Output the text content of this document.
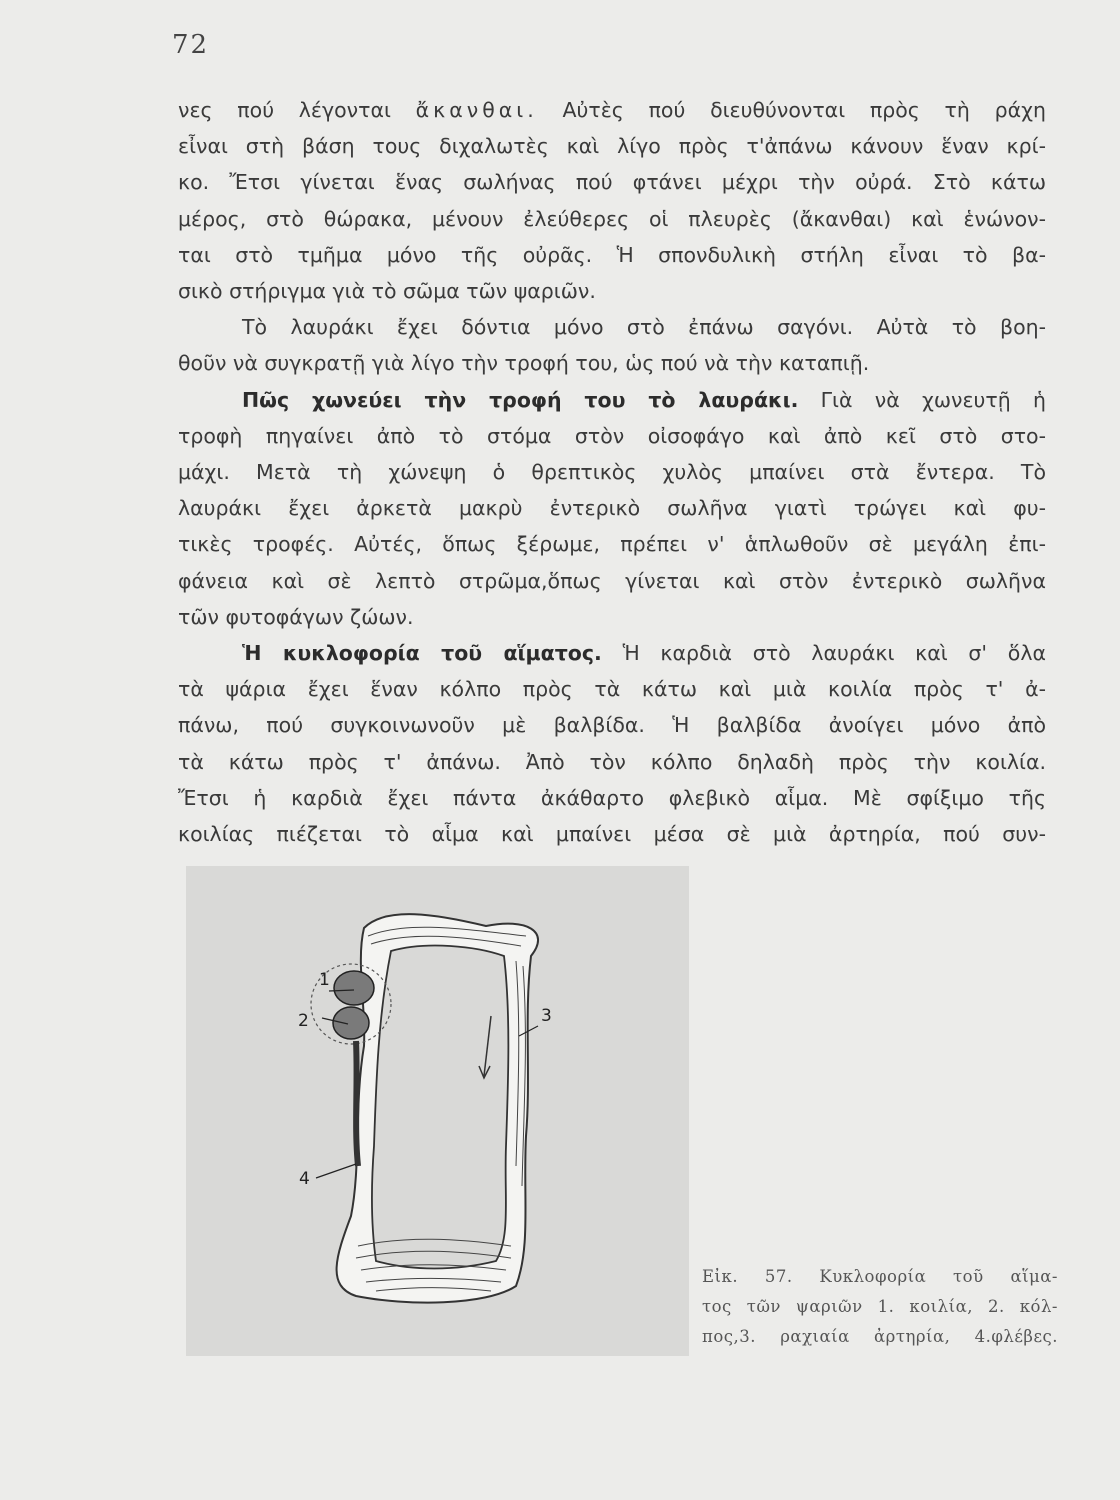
72
νες πού λέγονται ἄκανθαι. Αὐτὲς πού διευθύνονται πρὸς τὴ ράχη
εἶναι στὴ βάση τους διχαλωτὲς καὶ λίγο πρὸς τ'ἀπάνω κάνουν ἕναν κρί-
κο. Ἔτσι γίνεται ἕνας σωλήνας πού φτάνει μέχρι τὴν οὐρά. Στὸ κάτω
μέρος, στὸ θώρακα, μένουν ἐλεύθερες οἱ πλευρὲς (ἄκανθαι) καὶ ἑνώνον-
ται στὸ τμῆμα μόνο τῆς οὐρᾶς. Ἡ σπονδυλικὴ στήλη εἶναι τὸ βα-
σικὸ στήριγμα γιὰ τὸ σῶμα τῶν ψαριῶν.
Τὸ λαυράκι ἔχει δόντια μόνο στὸ ἐπάνω σαγόνι. Αὐτὰ τὸ βοη-
θοῦν νὰ συγκρατῇ γιὰ λίγο τὴν τροφή του, ὡς πού νὰ τὴν καταπιῇ.
Πῶς χωνεύει τὴν τροφή του τὸ λαυράκι. Γιὰ νὰ χωνευτῇ ἡ
τροφὴ πηγαίνει ἀπὸ τὸ στόμα στὸν οἰσοφάγο καὶ ἀπὸ κεῖ στὸ στο-
μάχι. Μετὰ τὴ χώνεψη ὁ θρεπτικὸς χυλὸς μπαίνει στὰ ἔντερα. Τὸ
λαυράκι ἔχει ἀρκετὰ μακρὺ ἐντερικὸ σωλῆνα γιατὶ τρώγει καὶ φυ-
τικὲς τροφές. Αὐτές, ὅπως ξέρωμε, πρέπει ν' ἁπλωθοῦν σὲ μεγάλη ἐπι-
φάνεια καὶ σὲ λεπτὸ στρῶμα,ὅπως γίνεται καὶ στὸν ἐντερικὸ σωλῆνα
τῶν φυτοφάγων ζώων.
Ἡ κυκλοφορία τοῦ αἵματος. Ἡ καρδιὰ στὸ λαυράκι καὶ σ' ὅλα
τὰ ψάρια ἔχει ἕναν κόλπο πρὸς τὰ κάτω καὶ μιὰ κοιλία πρὸς τ' ἀ-
πάνω, πού συγκοινωνοῦν μὲ βαλβίδα. Ἡ βαλβίδα ἀνοίγει μόνο ἀπὸ
τὰ κάτω πρὸς τ' ἀπάνω. Ἀπὸ τὸν κόλπο δηλαδὴ πρὸς τὴν κοιλία.
Ἔτσι ἡ καρδιὰ ἔχει πάντα ἀκάθαρτο φλεβικὸ αἷμα. Μὲ σφίξιμο τῆς
κοιλίας πιέζεται τὸ αἷμα καὶ μπαίνει μέσα σὲ μιὰ ἀρτηρία, πού συν-
1
2	3
4
Εἰκ. 57. Κυκλοφορία τοῦ αἵμα-
τος τῶν ψαριῶν 1. κοιλία, 2. κόλ-
πος,3. ραχιαία ἀρτηρία, 4.φλέβες.
